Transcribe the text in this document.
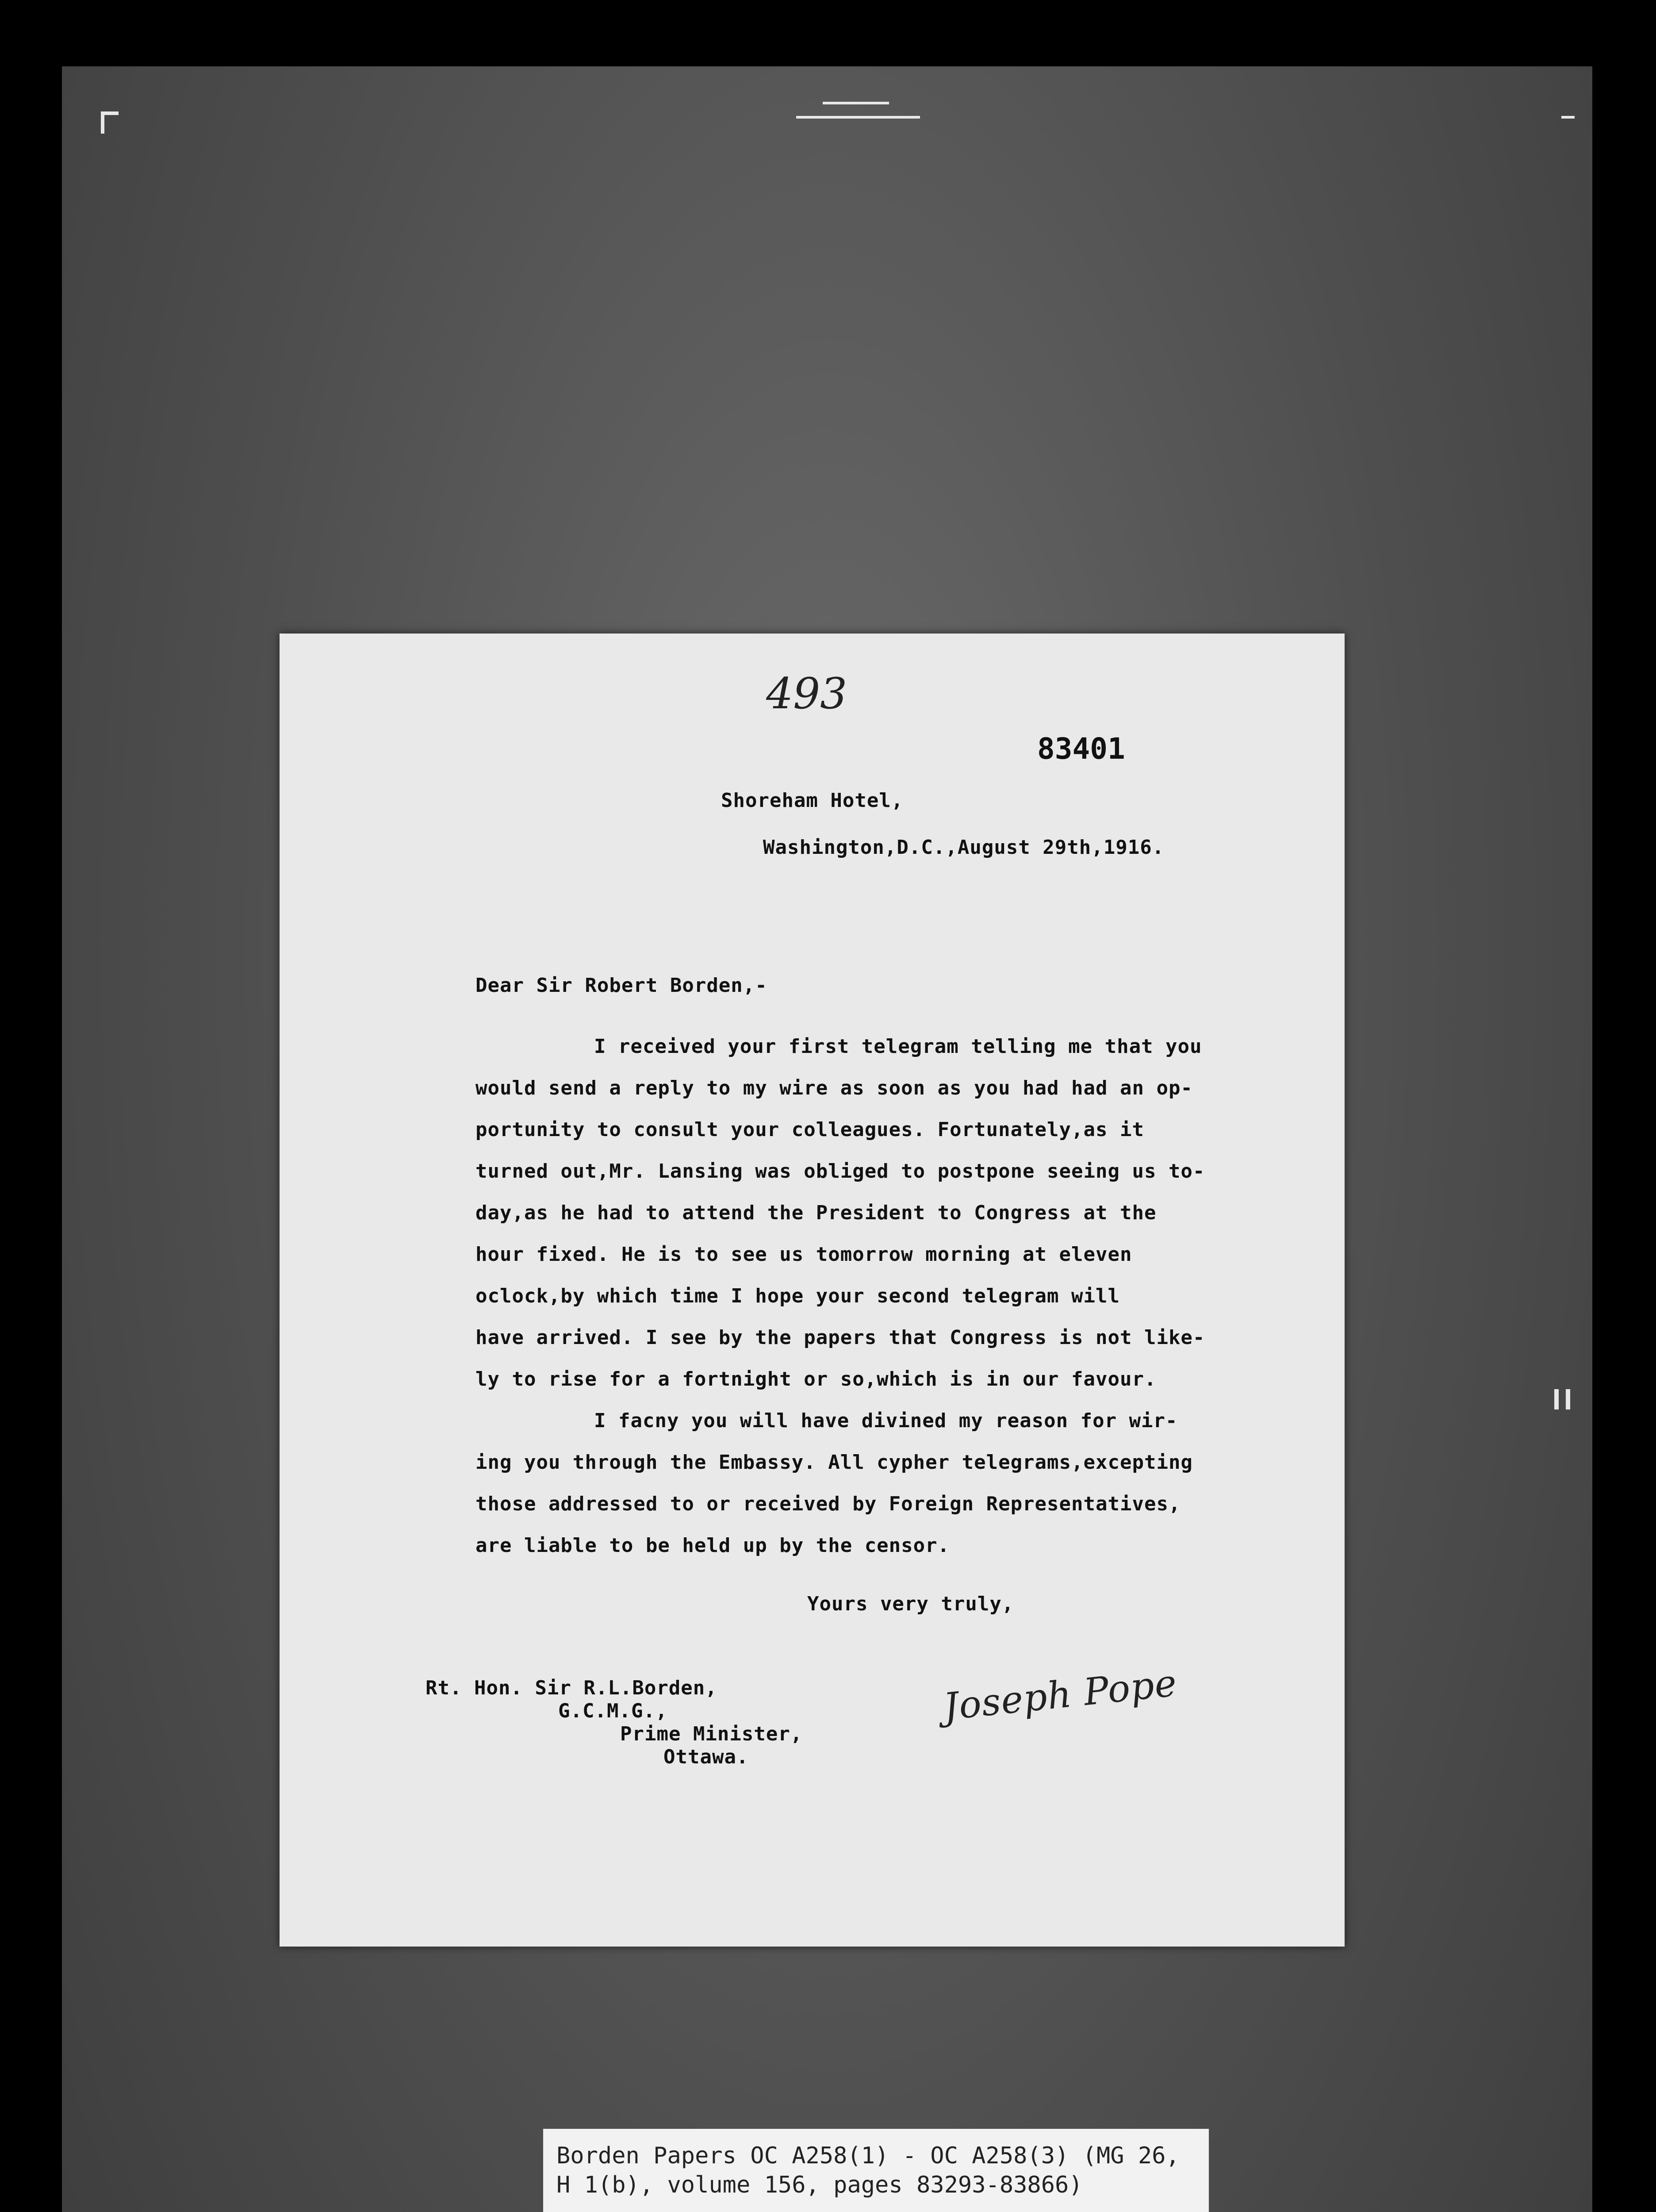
493
83401
Shoreham Hotel,
Washington,D.C.,August 29th,1916.
Dear Sir Robert Borden,-
I received your first telegram telling me that you
would send a reply to my wire as soon as you had had an op-
portunity to consult your colleagues. Fortunately,as it
turned out,Mr. Lansing was obliged to postpone seeing us to-
day,as he had to attend the President to Congress at the
hour fixed. He is to see us tomorrow morning at eleven
oclock,by which time I hope your second telegram will
have arrived. I see by the papers that Congress is not like-
ly to rise for a fortnight or so,which is in our favour.
I facny you will have divined my reason for wir-
ing you through the Embassy. All cypher telegrams,excepting
those addressed to or received by Foreign Representatives,
are liable to be held up by the censor.
Yours very truly,
Joseph Pope
Rt. Hon. Sir R.L.Borden,
G.C.M.G.,
Prime Minister,
Ottawa.
Borden Papers OC A258(1) - OC A258(3) (MG 26,
H 1(b), volume 156, pages 83293-83866)
